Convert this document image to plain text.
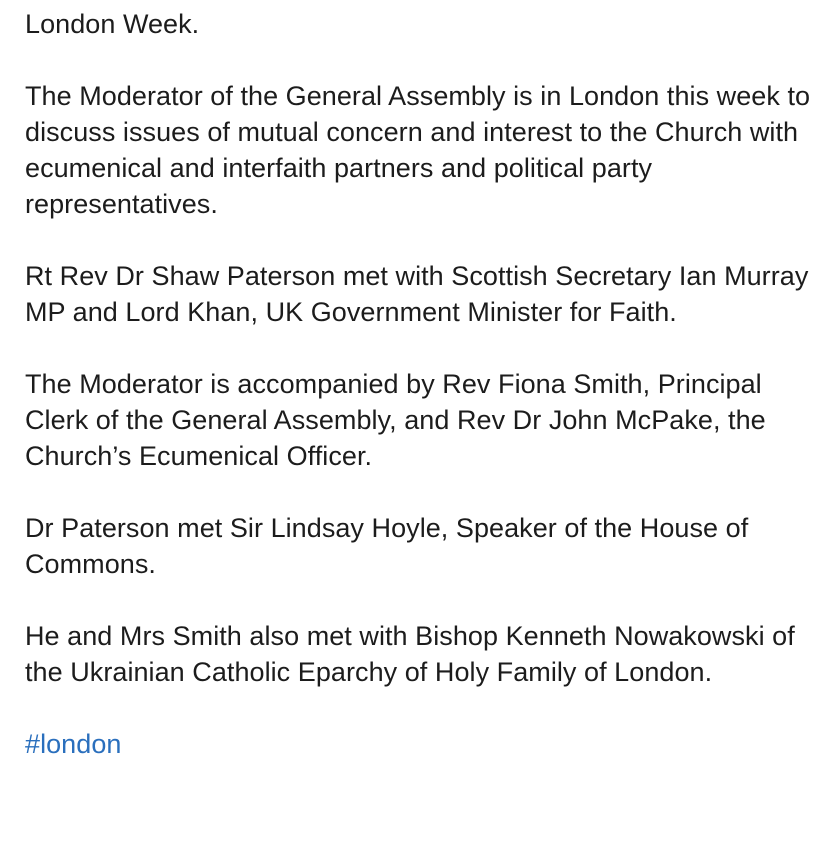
London Week.

The Moderator of the General Assembly is in London this week to discuss issues of mutual concern and interest to the Church with ecumenical and interfaith partners and political party representatives.

Rt Rev Dr Shaw Paterson met with Scottish Secretary Ian Murray MP and Lord Khan, UK Government Minister for Faith.

The Moderator is accompanied by Rev Fiona Smith, Principal Clerk of the General Assembly, and Rev Dr John McPake, the Church’s Ecumenical Officer.

Dr Paterson met Sir Lindsay Hoyle, Speaker of the House of Commons.

He and Mrs Smith also met with Bishop Kenneth Nowakowski of the Ukrainian Catholic Eparchy of Holy Family of London.

#london
